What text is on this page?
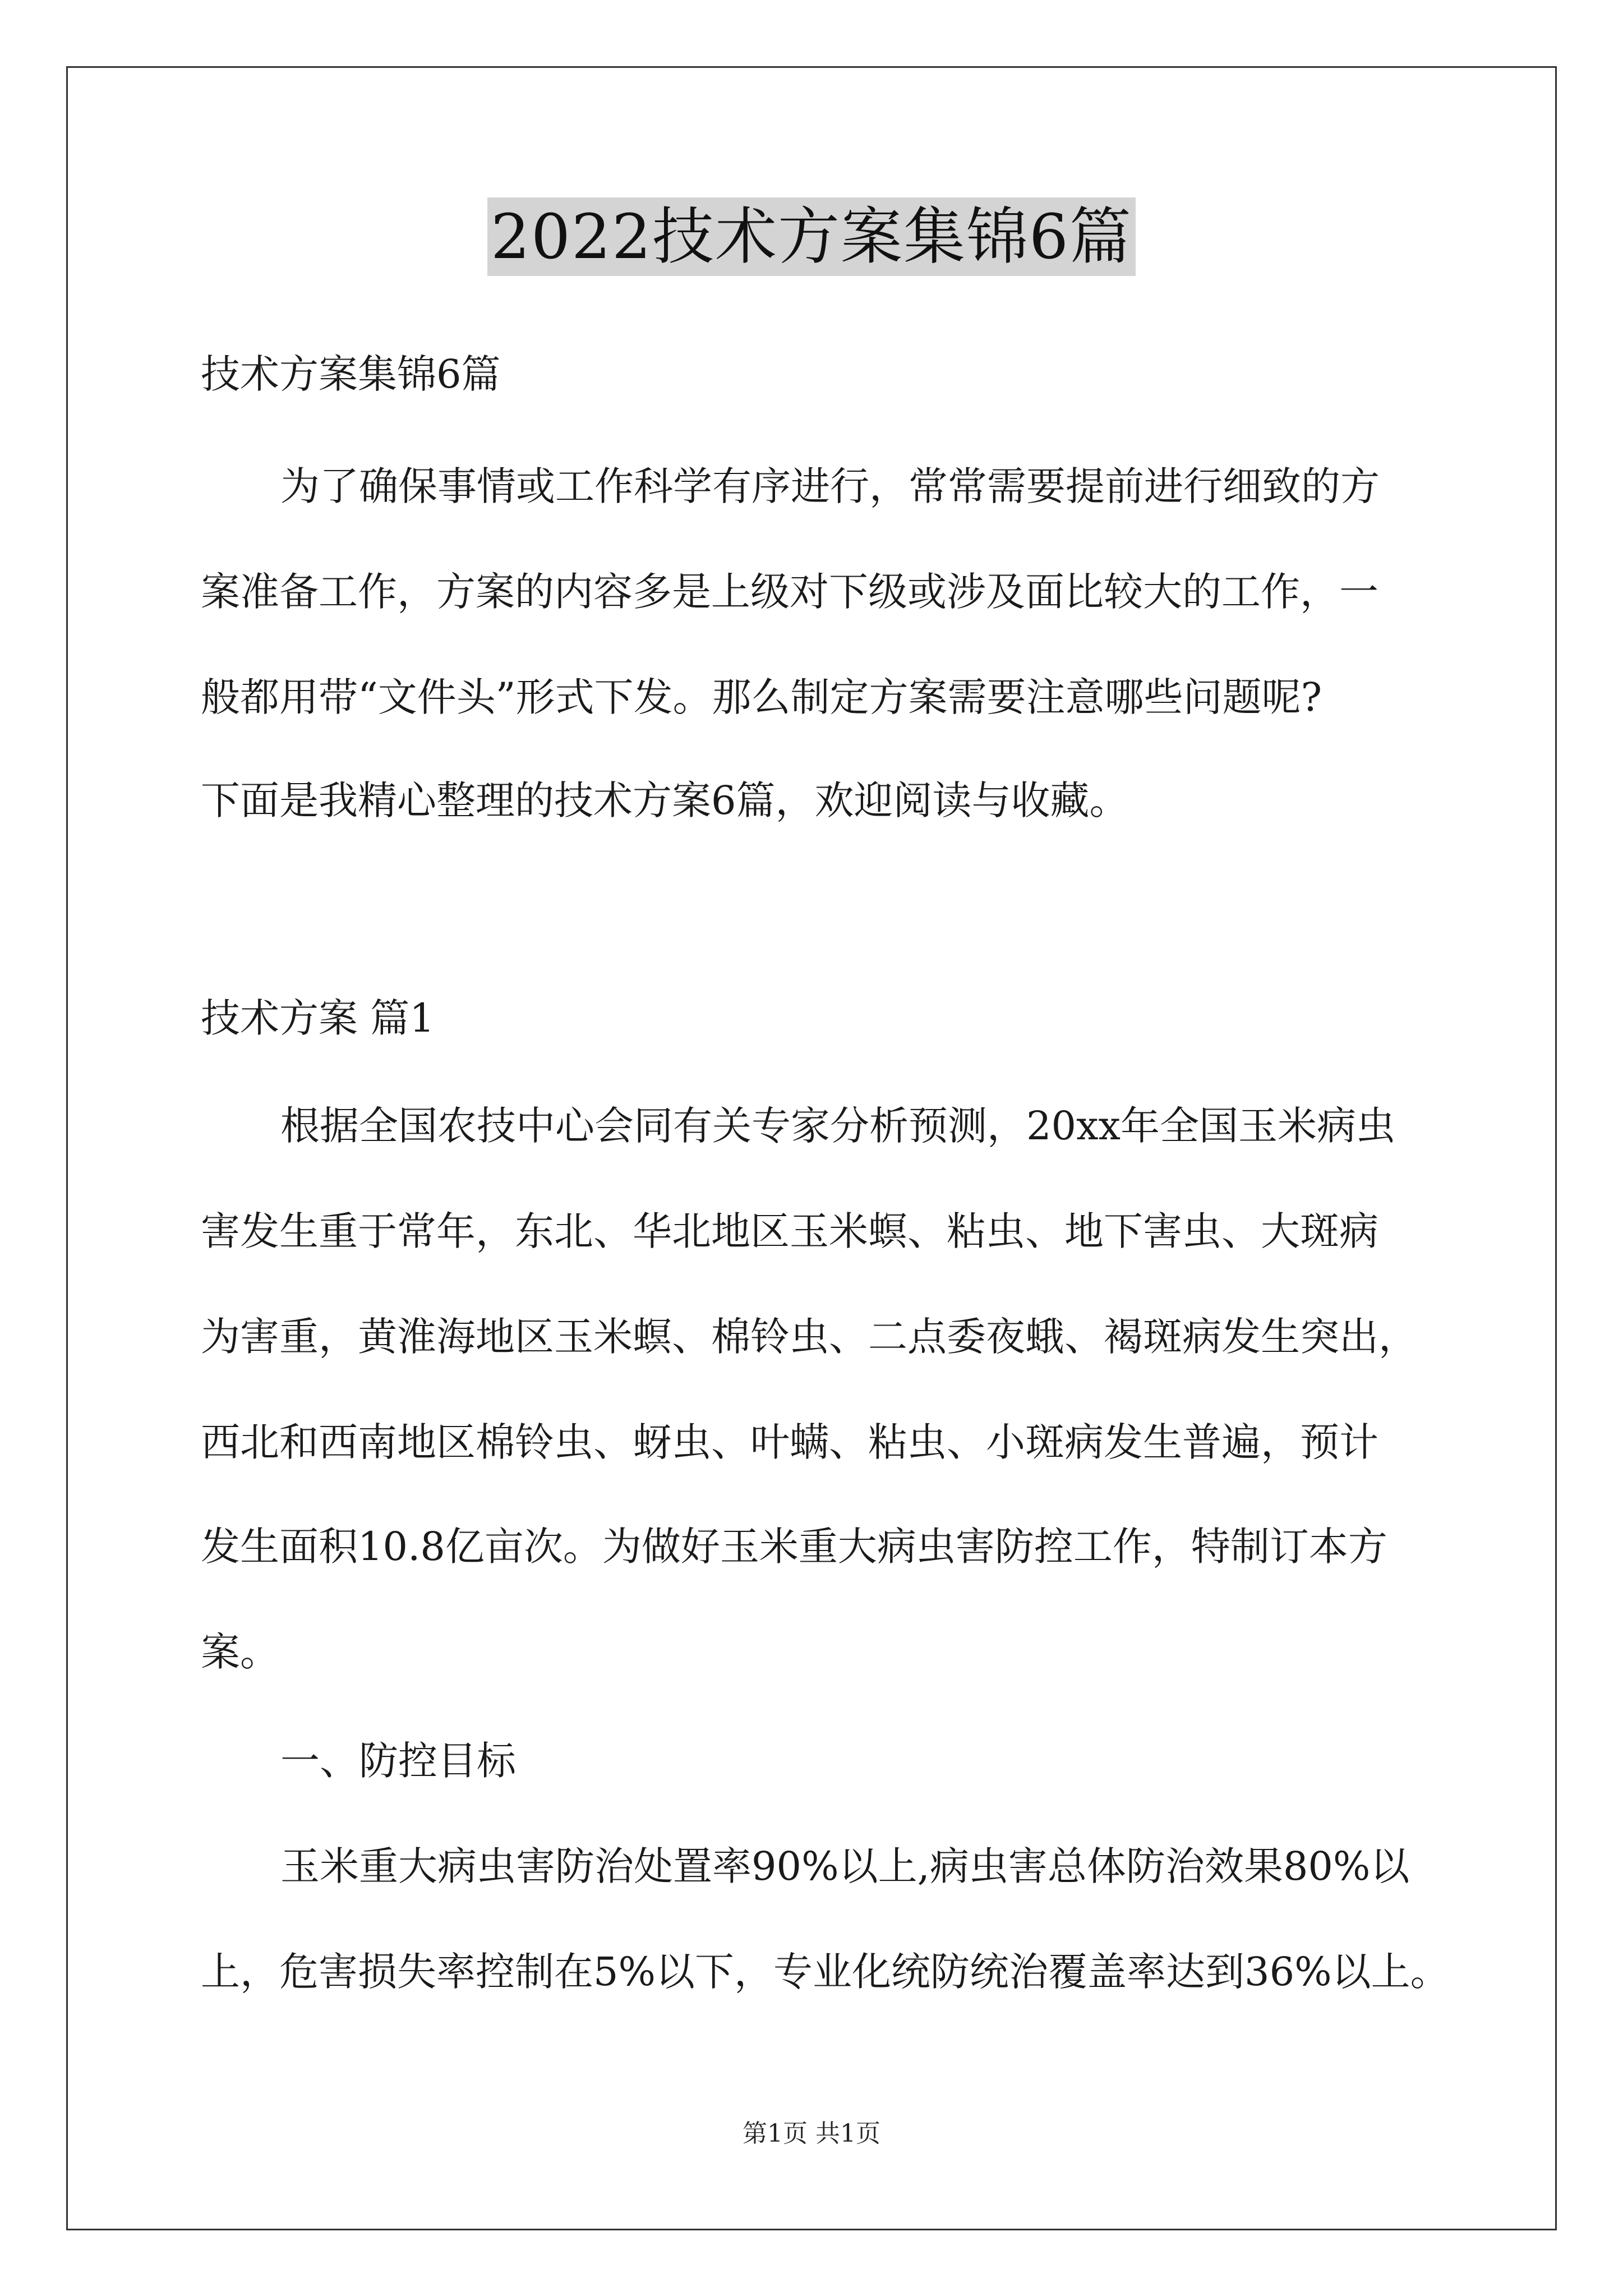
2022技术方案集锦6篇
技术方案集锦6篇
为了确保事情或工作科学有序进行，常常需要提前进行细致的方
案准备工作，方案的内容多是上级对下级或涉及面比较大的工作，一
般都用带“文件头”形式下发。那么制定方案需要注意哪些问题呢?
下面是我精心整理的技术方案6篇，欢迎阅读与收藏。
技术方案 篇1
根据全国农技中心会同有关专家分析预测，20xx年全国玉米病虫
害发生重于常年，东北、华北地区玉米螟、粘虫、地下害虫、大斑病
为害重，黄淮海地区玉米螟、棉铃虫、二点委夜蛾、褐斑病发生突出，
西北和西南地区棉铃虫、蚜虫、叶螨、粘虫、小斑病发生普遍，预计
发生面积10.8亿亩次。为做好玉米重大病虫害防控工作，特制订本方
案。
一、防控目标
玉米重大病虫害防治处置率90%以上,病虫害总体防治效果80%以
上，危害损失率控制在5%以下，专业化统防统治覆盖率达到36%以上。
第1页 共1页
